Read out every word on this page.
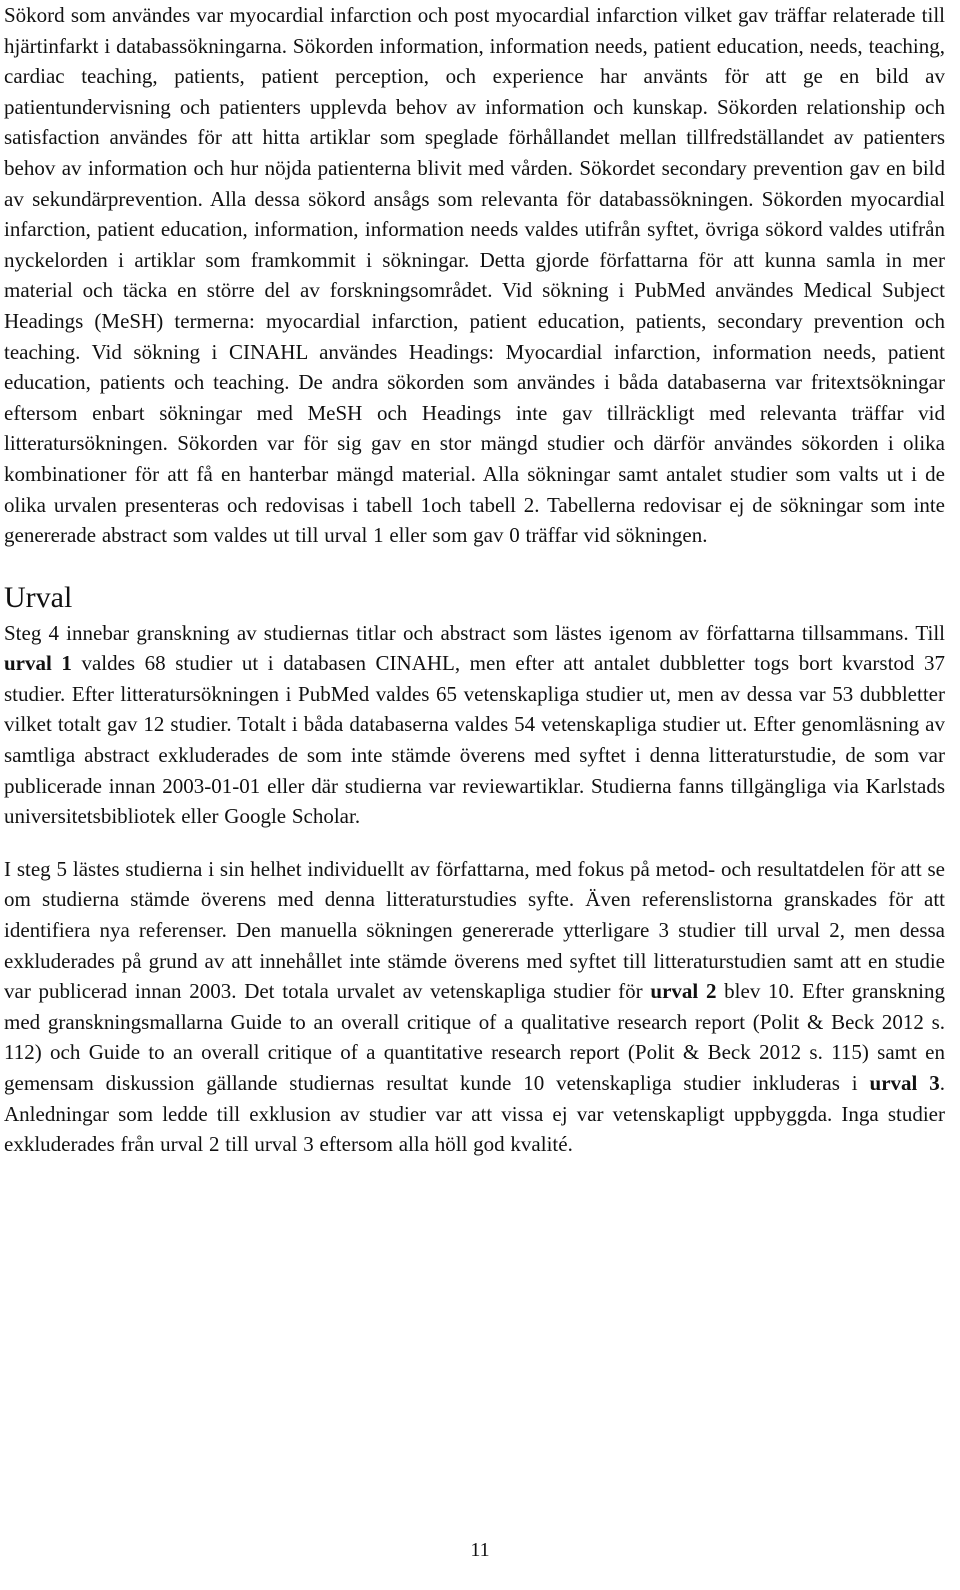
Sökord som användes var myocardial infarction och post myocardial infarction vilket gav träffar relaterade till hjärtinfarkt i databassökningarna. Sökorden information, information needs, patient education, needs, teaching, cardiac teaching, patients, patient perception, och experience har använts för att ge en bild av patientundervisning och patienters upplevda behov av information och kunskap. Sökorden relationship och satisfaction användes för att hitta artiklar som speglade förhållandet mellan tillfredställandet av patienters behov av information och hur nöjda patienterna blivit med vården. Sökordet secondary prevention gav en bild av sekundärprevention. Alla dessa sökord ansågs som relevanta för databassökningen. Sökorden myocardial infarction, patient education, information, information needs valdes utifrån syftet, övriga sökord valdes utifrån nyckelorden i artiklar som framkommit i sökningar. Detta gjorde författarna för att kunna samla in mer material och täcka en större del av forskningsområdet. Vid sökning i PubMed användes Medical Subject Headings (MeSH) termerna: myocardial infarction, patient education, patients, secondary prevention och teaching. Vid sökning i CINAHL användes Headings: Myocardial infarction, information needs, patient education, patients och teaching. De andra sökorden som användes i båda databaserna var fritextsökningar eftersom enbart sökningar med MeSH och Headings inte gav tillräckligt med relevanta träffar vid litteratursökningen. Sökorden var för sig gav en stor mängd studier och därför användes sökorden i olika kombinationer för att få en hanterbar mängd material. Alla sökningar samt antalet studier som valts ut i de olika urvalen presenteras och redovisas i tabell 1och tabell 2. Tabellerna redovisar ej de sökningar som inte genererade abstract som valdes ut till urval 1 eller som gav 0 träffar vid sökningen.

Urval

Steg 4 innebar granskning av studiernas titlar och abstract som lästes igenom av författarna tillsammans. Till urval 1 valdes 68 studier ut i databasen CINAHL, men efter att antalet dubbletter togs bort kvarstod 37 studier. Efter litteratursökningen i PubMed valdes 65 vetenskapliga studier ut, men av dessa var 53 dubbletter vilket totalt gav 12 studier. Totalt i båda databaserna valdes 54 vetenskapliga studier ut. Efter genomläsning av samtliga abstract exkluderades de som inte stämde överens med syftet i denna litteraturstudie, de som var publicerade innan 2003-01-01 eller där studierna var reviewartiklar. Studierna fanns tillgängliga via Karlstads universitetsbibliotek eller Google Scholar.

I steg 5 lästes studierna i sin helhet individuellt av författarna, med fokus på metod- och resultatdelen för att se om studierna stämde överens med denna litteraturstudies syfte. Även referenslistorna granskades för att identifiera nya referenser. Den manuella sökningen genererade ytterligare 3 studier till urval 2, men dessa exkluderades på grund av att innehållet inte stämde överens med syftet till litteraturstudien samt att en studie var publicerad innan 2003. Det totala urvalet av vetenskapliga studier för urval 2 blev 10. Efter granskning med granskningsmallarna Guide to an overall critique of a qualitative research report (Polit & Beck 2012 s. 112) och Guide to an overall critique of a quantitative research report (Polit & Beck 2012 s. 115) samt en gemensam diskussion gällande studiernas resultat kunde 10 vetenskapliga studier inkluderas i urval 3. Anledningar som ledde till exklusion av studier var att vissa ej var vetenskapligt uppbyggda. Inga studier exkluderades från urval 2 till urval 3 eftersom alla höll god kvalité.

11
